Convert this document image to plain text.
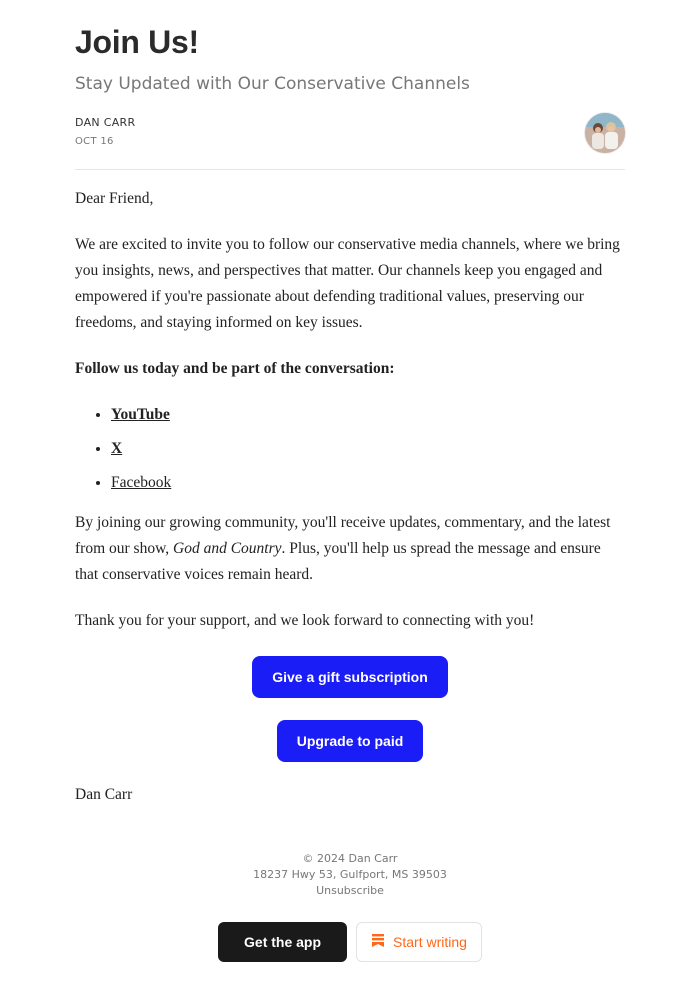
Join Us!
Stay Updated with Our Conservative Channels
DAN CARR
OCT 16

Dear Friend,

We are excited to invite you to follow our conservative media channels, where we bring you insights, news, and perspectives that matter. Our channels keep you engaged and empowered if you're passionate about defending traditional values, preserving our freedoms, and staying informed on key issues.

Follow us today and be part of the conversation:

• YouTube
• X
• Facebook

By joining our growing community, you'll receive updates, commentary, and the latest from our show, God and Country. Plus, you'll help us spread the message and ensure that conservative voices remain heard.

Thank you for your support, and we look forward to connecting with you!

Give a gift subscription
Upgrade to paid
Dan Carr
© 2024 Dan Carr
18237 Hwy 53, Gulfport, MS 39503
Unsubscribe
Get the app	Start writing
